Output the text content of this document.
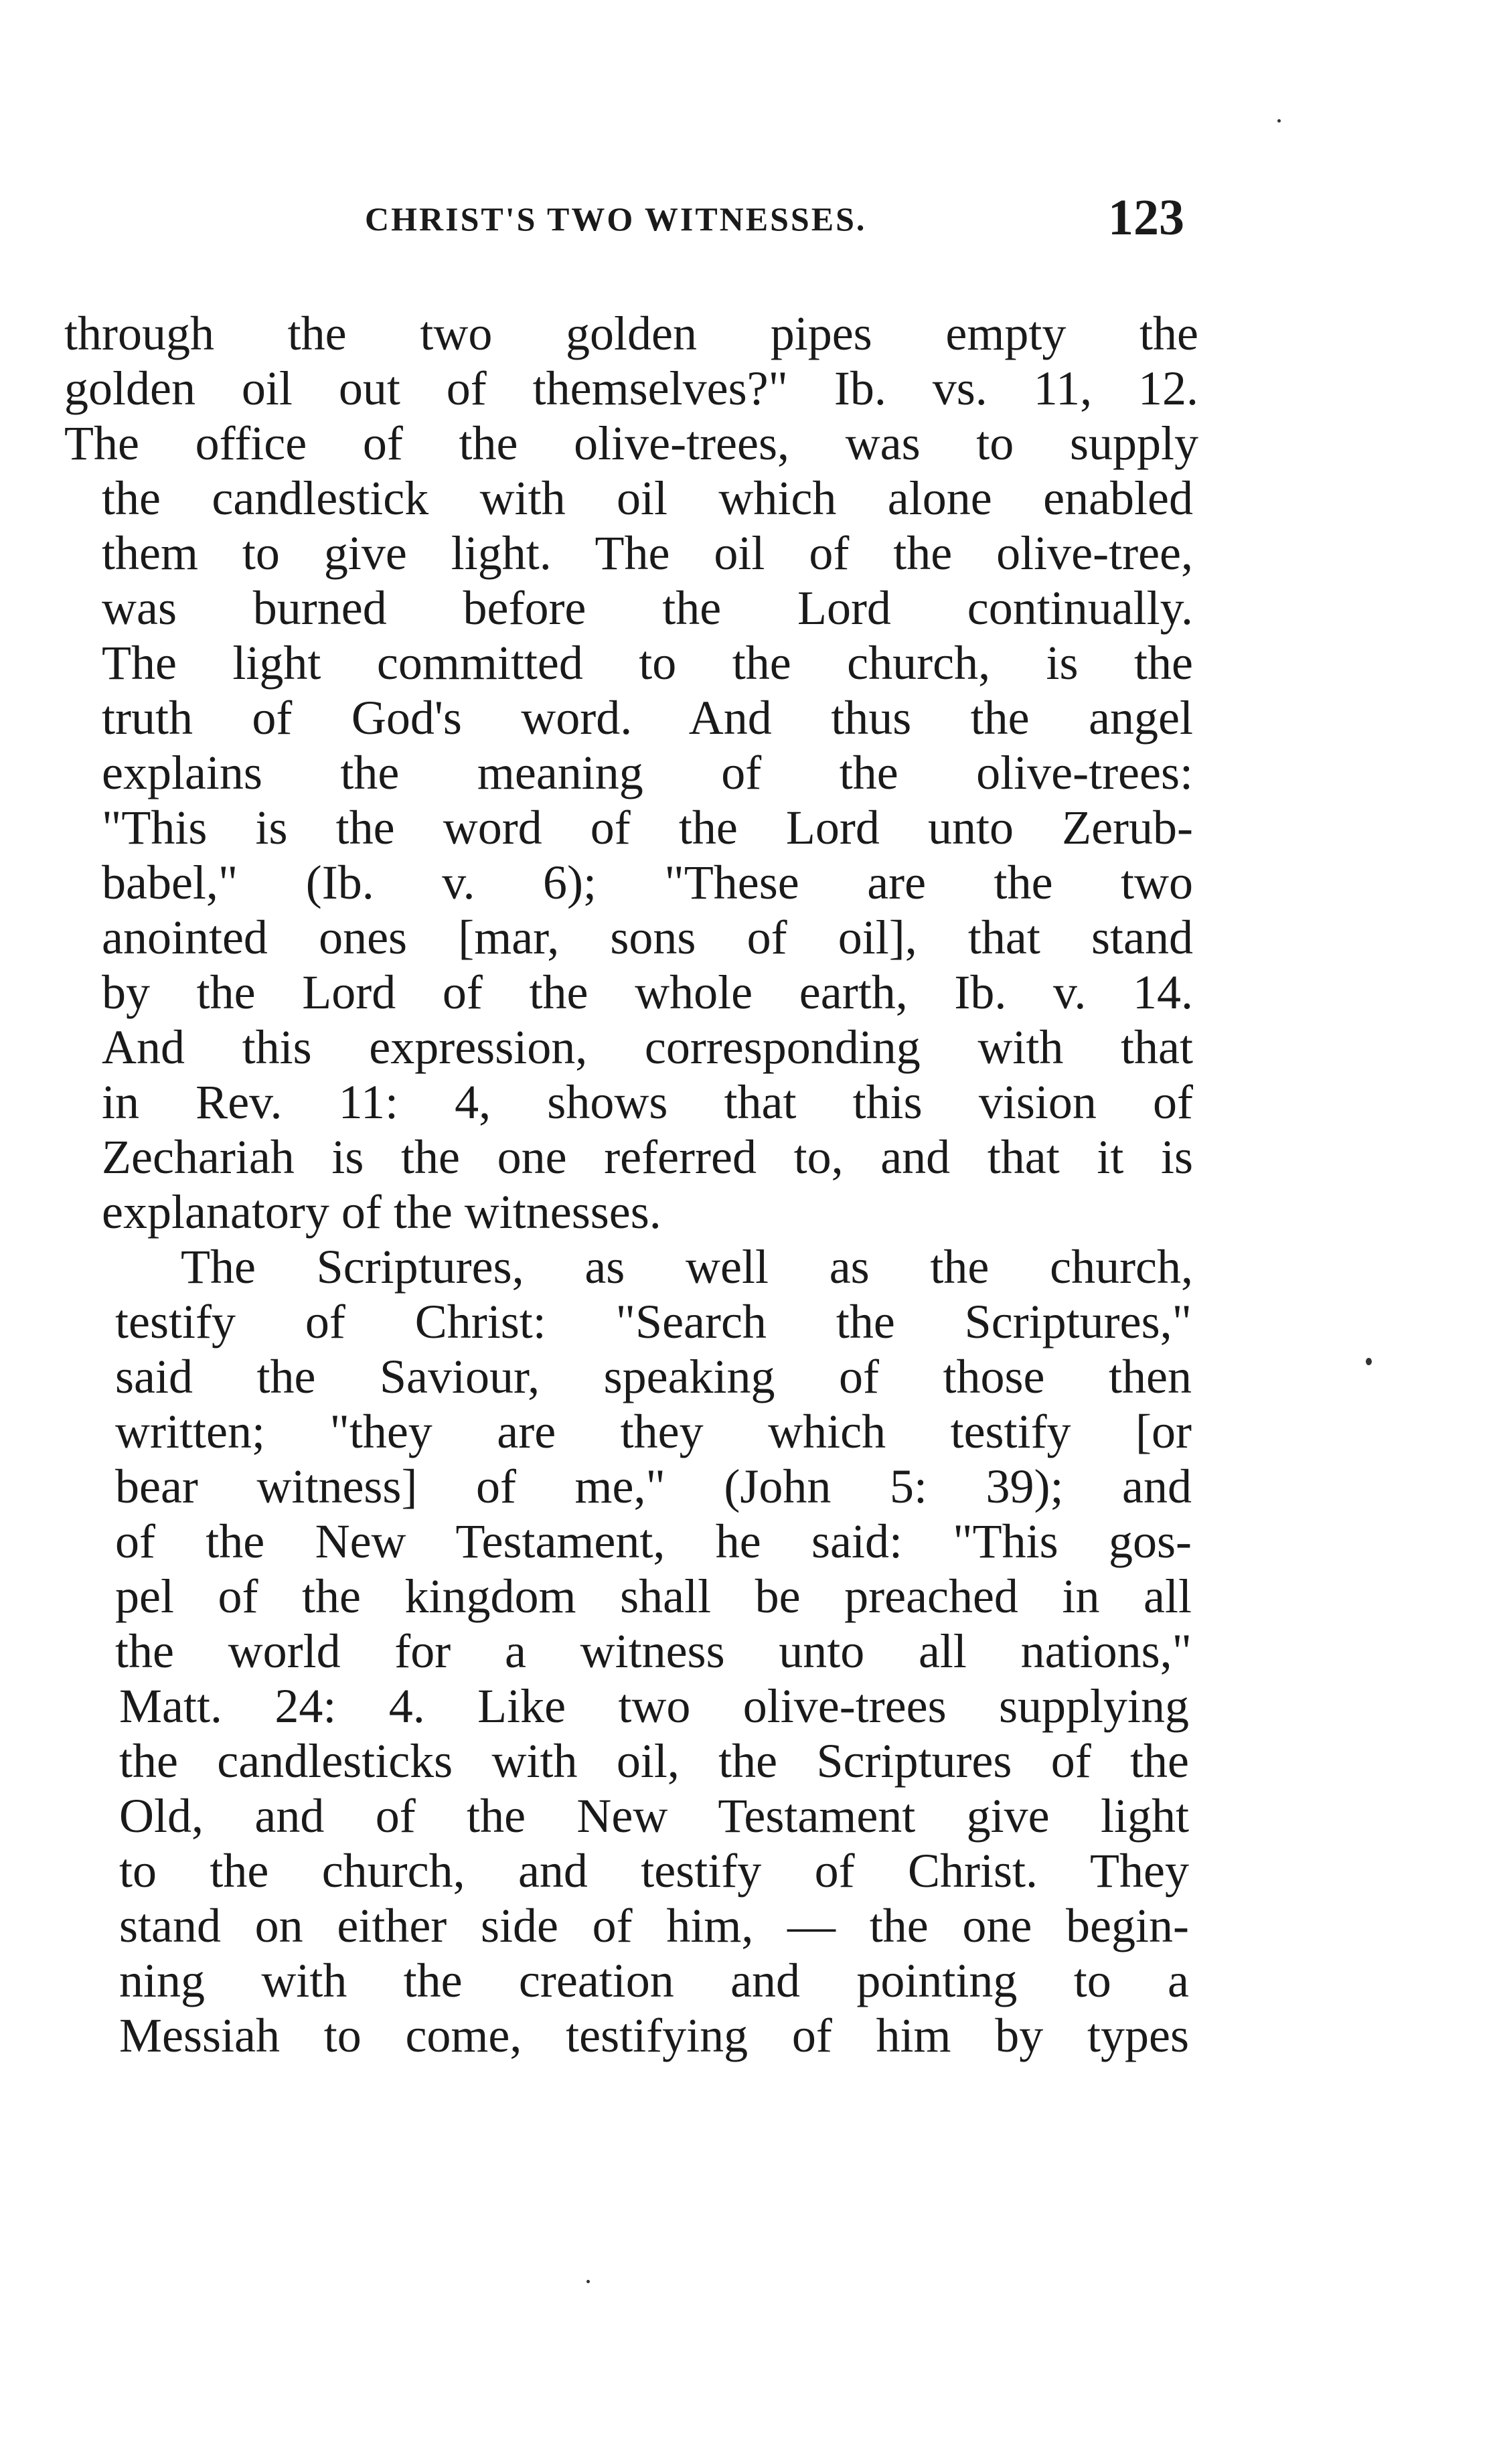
CHRIST'S TWO WITNESSES.	123
through the two golden pipes empty the
golden oil out of themselves?" Ib. vs. 11, 12.
The office of the olive-trees, was to supply
the candlestick with oil which alone enabled
them to give light. The oil of the olive-tree,
was burned before the Lord continually.
The light committed to the church, is the
truth of God's word. And thus the angel
explains the meaning of the olive-trees:
"This is the word of the Lord unto Zerub-
babel," (Ib. v. 6); "These are the two
anointed ones [mar, sons of oil], that stand
by the Lord of the whole earth, Ib. v. 14.
And this expression, corresponding with that
in Rev. 11: 4, shows that this vision of
Zechariah is the one referred to, and that it is
explanatory of the witnesses.
The Scriptures, as well as the church,
testify of Christ: "Search the Scriptures,"
said the Saviour, speaking of those then
written; "they are they which testify [or
bear witness] of me," (John 5: 39); and
of the New Testament, he said: "This gos-
pel of the kingdom shall be preached in all
the world for a witness unto all nations,"
Matt. 24: 4. Like two olive-trees supplying
the candlesticks with oil, the Scriptures of the
Old, and of the New Testament give light
to the church, and testify of Christ. They
stand on either side of him, — the one begin-
ning with the creation and pointing to a
Messiah to come, testifying of him by types
